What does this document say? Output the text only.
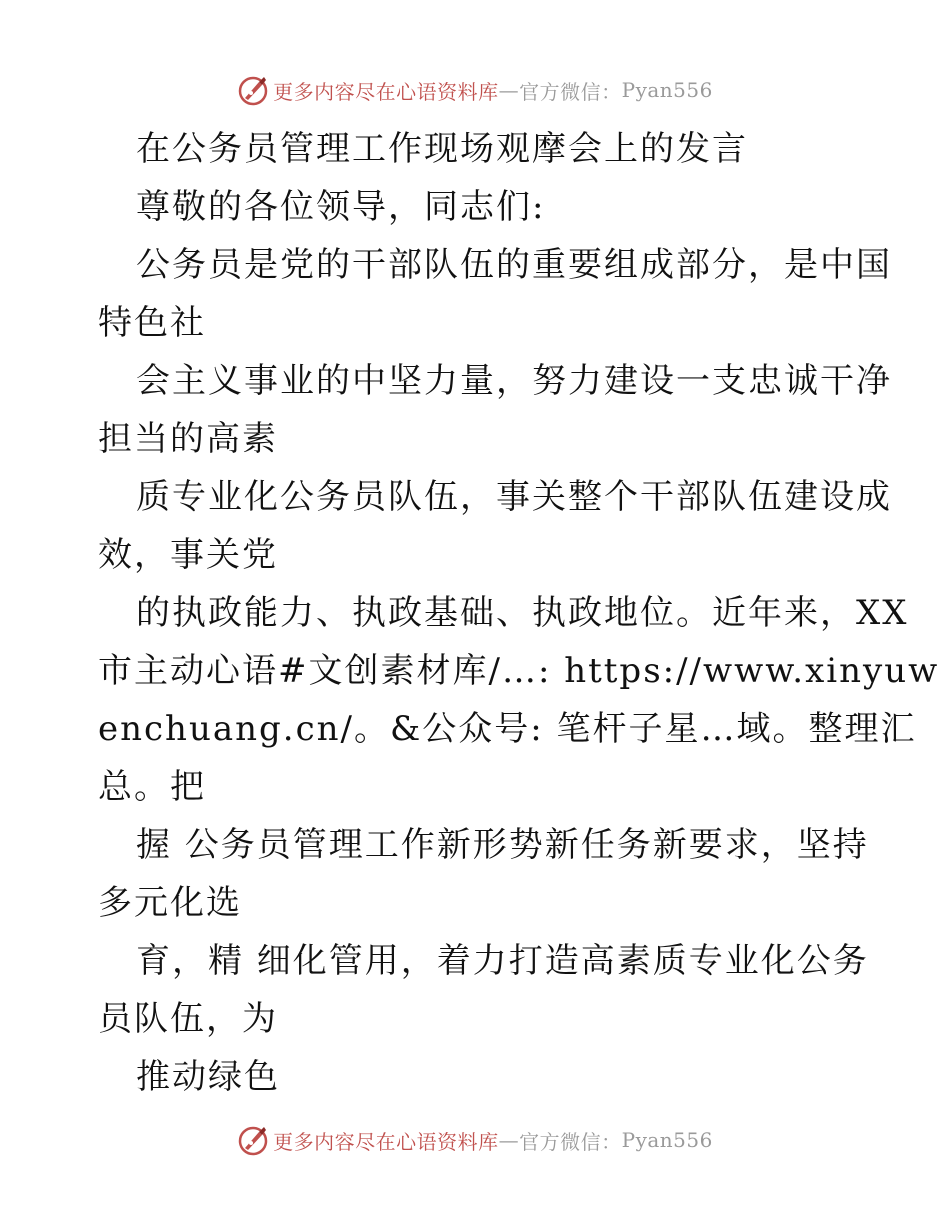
更多内容尽在心语资料库 — 官方微信： Pyan556
在公务员管理工作现场观摩会上的发言
尊敬的各位领导，同志们:
公务员是党的干部队伍的重要组成部分，是中国
特色社
会主义事业的中坚力量，努力建设一支忠诚干净
担当的高素
质专业化公务员队伍，事关整个干部队伍建设成
效，事关党
的执政能力、执政基础、执政地位。近年来，XX
市主动心语#文创素材库/…: https://www.xinyuw
enchuang.cn/。&公众号: 笔杆子星…域。整理汇
总。把
握 公务员管理工作新形势新任务新要求，坚持
多元化选
育，精 细化管用，着力打造高素质专业化公务
员队伍，为
推动绿色
更多内容尽在心语资料库 — 官方微信： Pyan556
